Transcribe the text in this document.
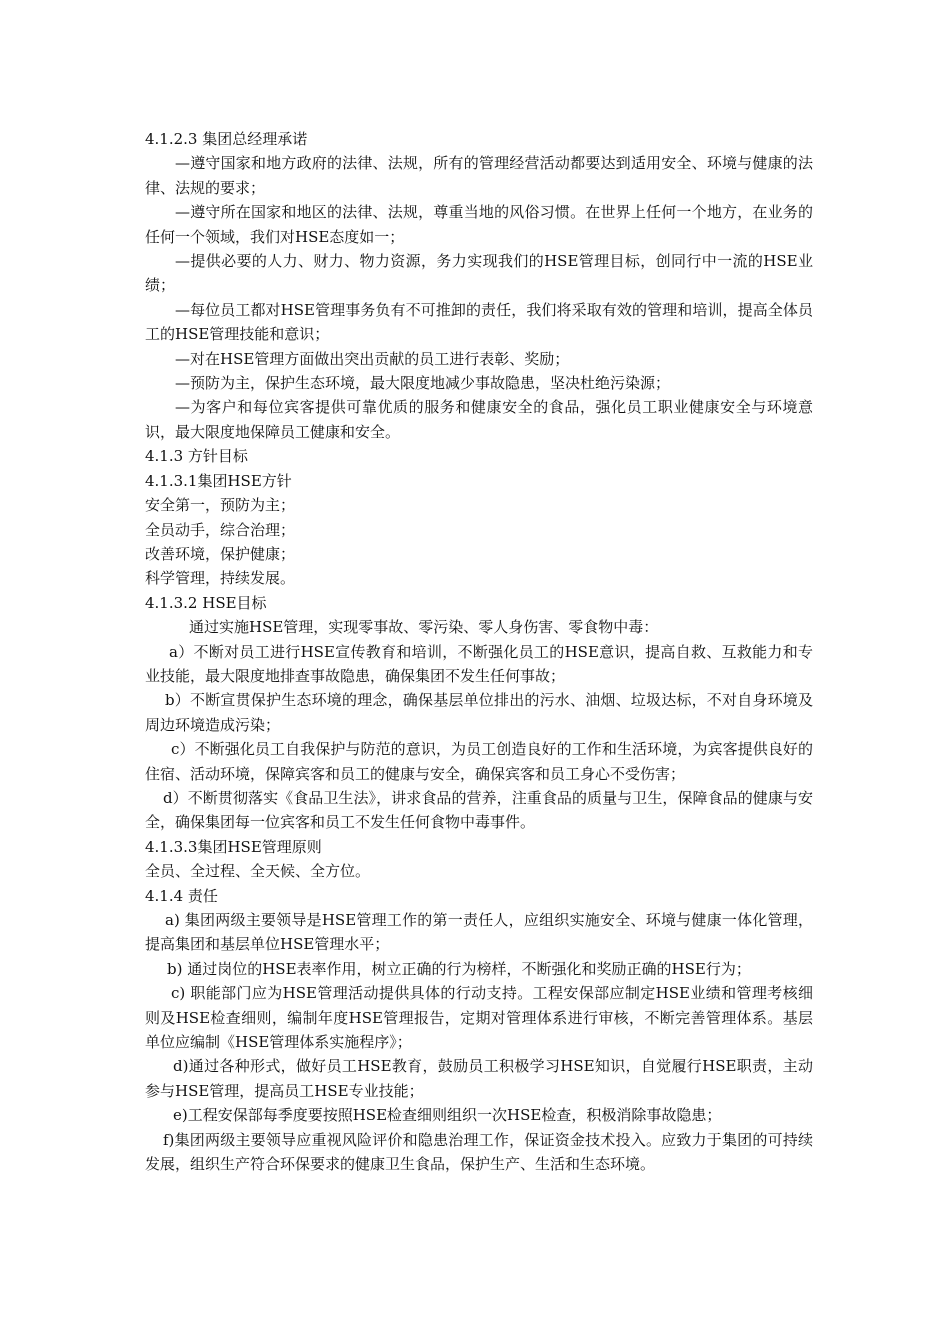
4.1.2.3 集团总经理承诺

—遵守国家和地方政府的法律、法规，所有的管理经营活动都要达到适用安全、环境与健康的法律、法规的要求；

—遵守所在国家和地区的法律、法规，尊重当地的风俗习惯。在世界上任何一个地方，在业务的任何一个领域，我们对HSE态度如一；

—提供必要的人力、财力、物力资源，务力实现我们的HSE管理目标，创同行中一流的HSE业绩；

—每位员工都对HSE管理事务负有不可推卸的责任，我们将采取有效的管理和培训，提高全体员工的HSE管理技能和意识；

—对在HSE管理方面做出突出贡献的员工进行表彰、奖励；

—预防为主，保护生态环境，最大限度地减少事故隐患，坚决杜绝污染源；

—为客户和每位宾客提供可靠优质的服务和健康安全的食品，强化员工职业健康安全与环境意识，最大限度地保障员工健康和安全。

4.1.3 方针目标

4.1.3.1集团HSE方针

安全第一，预防为主；

全员动手，综合治理；

改善环境，保护健康；

科学管理，持续发展。

4.1.3.2 HSE目标

通过实施HSE管理，实现零事故、零污染、零人身伤害、零食物中毒：

a）不断对员工进行HSE宣传教育和培训，不断强化员工的HSE意识，提高自救、互救能力和专业技能，最大限度地排查事故隐患，确保集团不发生任何事故；

b）不断宣贯保护生态环境的理念，确保基层单位排出的污水、油烟、垃圾达标，不对自身环境及周边环境造成污染；

c）不断强化员工自我保护与防范的意识，为员工创造良好的工作和生活环境，为宾客提供良好的住宿、活动环境，保障宾客和员工的健康与安全，确保宾客和员工身心不受伤害；

d）不断贯彻落实《食品卫生法》，讲求食品的营养，注重食品的质量与卫生，保障食品的健康与安全，确保集团每一位宾客和员工不发生任何食物中毒事件。

4.1.3.3集团HSE管理原则

全员、全过程、全天候、全方位。

4.1.4 责任

a) 集团两级主要领导是HSE管理工作的第一责任人，应组织实施安全、环境与健康一体化管理，提高集团和基层单位HSE管理水平；

b) 通过岗位的HSE表率作用，树立正确的行为榜样，不断强化和奖励正确的HSE行为；

c) 职能部门应为HSE管理活动提供具体的行动支持。工程安保部应制定HSE业绩和管理考核细则及HSE检查细则，编制年度HSE管理报告，定期对管理体系进行审核，不断完善管理体系。基层单位应编制《HSE管理体系实施程序》；

d)通过各种形式，做好员工HSE教育，鼓励员工积极学习HSE知识，自觉履行HSE职责，主动参与HSE管理，提高员工HSE专业技能；

e)工程安保部每季度要按照HSE检查细则组织一次HSE检查，积极消除事故隐患；

f)集团两级主要领导应重视风险评价和隐患治理工作，保证资金技术投入。应致力于集团的可持续发展，组织生产符合环保要求的健康卫生食品，保护生产、生活和生态环境。
